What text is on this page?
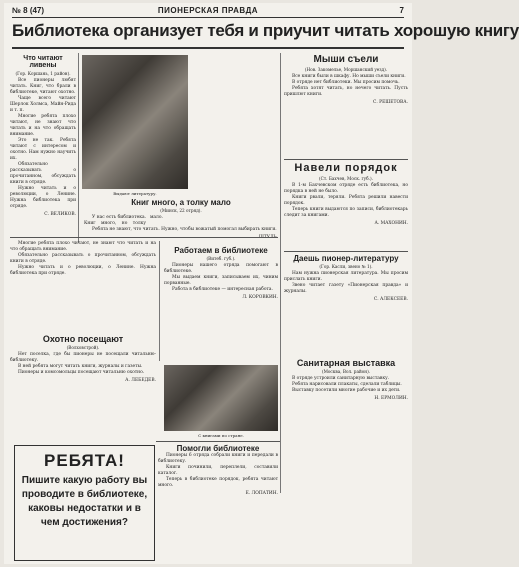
№ 8 (47)	ПИОНЕРСКАЯ ПРАВДА	7
Библиотека организует тебя и приучит читать хорошую книгу
Что читают ливены
(Гор. Коршань, 1 район).

Все пионеры любят читать. Книг, что брали в библиотеке, читают охотно.

Чаще всего читают Шерлок Холмса, Майн-Рида и т. п.

Многие ребята плохо читают, не знают что читать и на что обращать внимание.

Это не так. Ребята читают с интересом и охотно. Нам нужно научить их.

Обязательно рассказывать о прочитанном, обсуждать книги в отряде.

Нужно читать и о революции, о Ленине. Нужна библиотека при отряде.

С. ВЕЛИКОВ.
Выдают литературу.
Книг много, а толку мало
(Минск, 22 отряд).

У нас есть библиотека. Книг много, но толку мало.

Ребята не знают, что читать. Нужно, чтобы вожатый помогал выбирать книги.

Мыши съели
(Нов. Закомелье, Моршанский уезд).

Все книги были в шкафу. Но мыши съели книги.

В отряде нет библиотеки. Мы просим помочь.

Ребята хотят читать, но нечего читать. Пусть пришлют книги.

С. РЕШЕТОВА.
Навели порядок
(Ст. Бахчев, Моск. губ.).

В 1-м Бахчевском отряде есть библиотека, но порядка в ней не было.

Книги рвали, теряли. Ребята решили навести порядок.

Теперь книги выдаются по записи, библиотекарь следит за книгами.

А. МАХОНИН.
Охотно посещают
(Волховстрой).

Нет поселка, где бы пионеры не посещали читальню-библиотеку.

В ней ребята могут читать книги, журналы и газеты.

Пионеры и комсомольцы посещают читальню охотно.

А. ЛЕБЕДЕВ.

Многие ребята плохо читают, не знают что читать и на что обращать внимание.

Обязательно рассказывать о прочитанном, обсуждать книги в отряде.

Нужно читать и о революции, о Ленине. Нужна библиотека при отряде.

Работаем в библиотеке
(Витеб. губ.).

Пионеры нашего отряда помогают в библиотеке.

Мы выдаем книги, записываем их, чиним порванные.

Работа в библиотеке — интересная работа.

Л. КОРОВКИН.
Даешь пионер-литературу
(Гор. Касли, звено № 1).

Нам нужна пионерская литература. Мы просим прислать книги.

Звено читает газету «Пионерская правда» и журналы.

С. АЛЕКСЕЕВ.
С книгами по стране.
Санитарная выставка
(Москва, Вол. район).

В отряде устроили санитарную выставку.

Ребята нарисовали плакаты, сделали таблицы.

Выставку посетили многие рабочие и их дети.

Н. ЕРМОЛИН.
Помогли библиотеке

Пионеры 6 отряда собрали книги и передали в библиотеку.

Книги починили, переплели, составили каталог.

Теперь в библиотеке порядок, ребята читают много.

Е. ЛОПАТИН.
РЕБЯТА!
Пишите какую работу вы проводите в библиотеке, каковы недостатки и в чем достижения?
